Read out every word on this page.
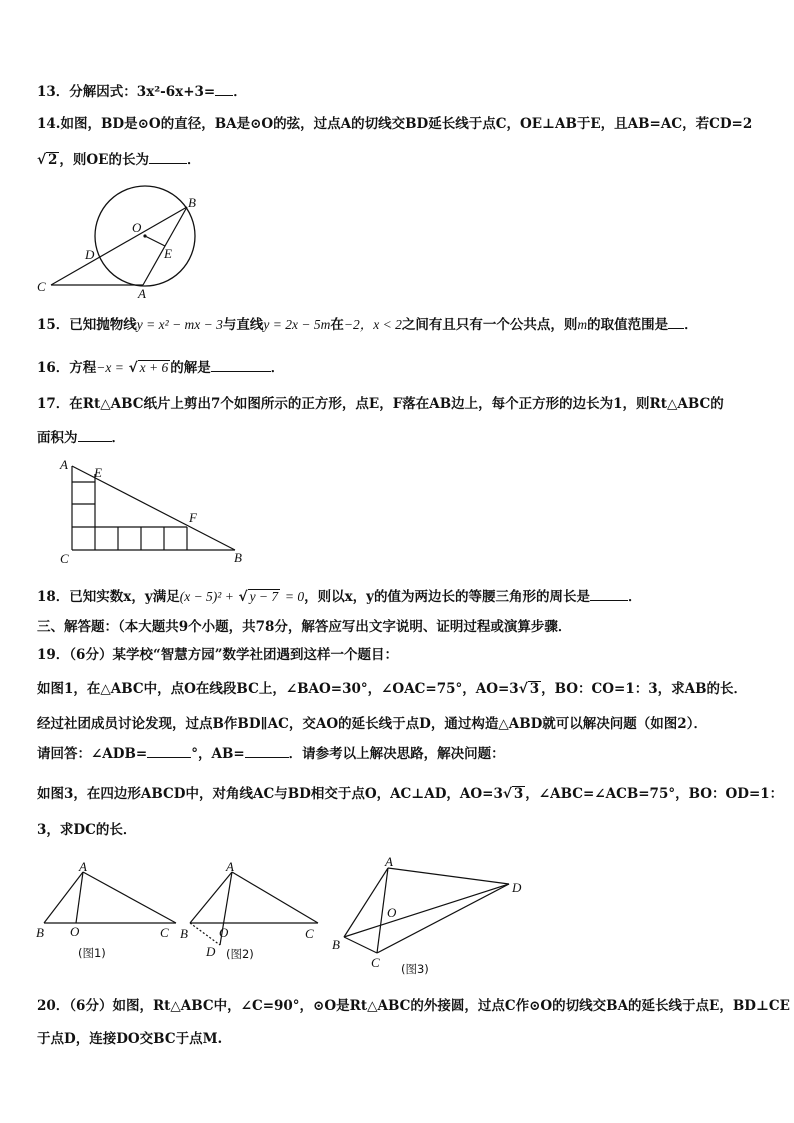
13．分解因式：3x²-6x+3= ．
14.如图，BD是⊙O的直径，BA是⊙O的弦，过点A的切线交BD延长线于点C，OE⊥AB于E，且AB=AC，若CD=2
√ 2 ，则OE的长为	．
B
O
E
D
C	A
15．已知抛物线y = x² − mx − 3与直线y = 2x − 5m在−2，x < 2之间有且只有一个公共点，则m的取值范围是 ．
16．方程−x = √ x + 6 的解是	．
17．在Rt△ABC纸片上剪出7个如图所示的正方形，点E，F落在AB边上，每个正方形的边长为1，则Rt△ABC的
面积为	．
A
E
F
C	B
18．已知实数x，y满足(x − 5)² + √ y − 7 = 0，则以x，y的值为两边长的等腰三角形的周长是	．
三、解答题：（本大题共9个小题，共78分，解答应写出文字说明、证明过程或演算步骤．
19．（6分）某学校“智慧方园”数学社团遇到这样一个题目：
如图1，在△ABC中，点O在线段BC上，∠BAO=30°，∠OAC=75°，AO=3√ 3 ，BO：CO=1：3，求AB的长．
经过社团成员讨论发现，过点B作BD∥AC，交AO的延长线于点D，通过构造△ABD就可以解决问题（如图2）．
请回答：∠ADB=	°，AB=	．请参考以上解决思路，解决问题：
如图3，在四边形ABCD中，对角线AC与BD相交于点O，AC⊥AD，AO=3√ 3 ，∠ABC=∠ACB=75°，BO：OD=1：
3，求DC的长．
A
B O	C
(图1)
A
B O	C
D (图2)
A
B
O
C
D
(图3)
20．（6分）如图，Rt△ABC中，∠C=90°，⊙O是Rt△ABC的外接圆，过点C作⊙O的切线交BA的延长线于点E，BD⊥CE
于点D，连接DO交BC于点M.
